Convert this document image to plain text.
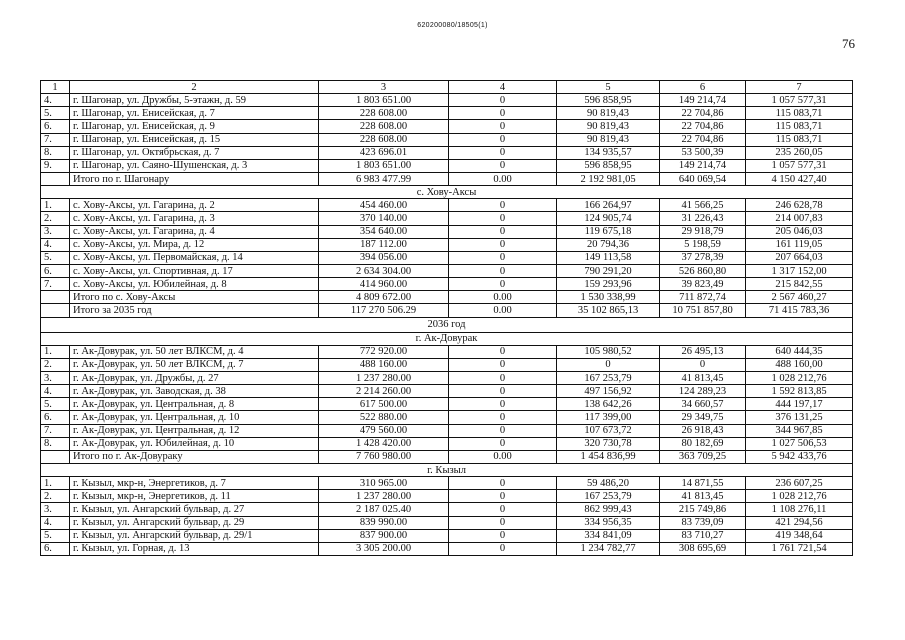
620200080/18505(1)
76
1	2	3	4	5	6	7
4.	г. Шагонар, ул. Дружбы, 5-этажн, д. 59	1 803 651.00	0	596 858,95	149 214,74	1 057 577,31
5.	г. Шагонар, ул. Енисейская, д. 7	228 608.00	0	90 819,43	22 704,86	115 083,71
6.	г. Шагонар, ул. Енисейская, д. 9	228 608.00	0	90 819,43	22 704,86	115 083,71
7.	г. Шагонар, ул. Енисейская, д. 15	228 608.00	0	90 819,43	22 704,86	115 083,71
8.	г. Шагонар, ул. Октябрьская, д. 7	423 696.01	0	134 935,57	53 500,39	235 260,05
9.	г. Шагонар, ул. Саяно-Шушенская, д. 3	1 803 651.00	0	596 858,95	149 214,74	1 057 577,31
	Итого по г. Шагонару	6 983 477.99	0.00	2 192 981,05	640 069,54	4 150 427,40
с. Хову-Аксы						
1.	с. Хову-Аксы, ул. Гагарина, д. 2	454 460.00	0	166 264,97	41 566,25	246 628,78
2.	с. Хову-Аксы, ул. Гагарина, д. 3	370 140.00	0	124 905,74	31 226,43	214 007,83
3.	с. Хову-Аксы, ул. Гагарина, д. 4	354 640.00	0	119 675,18	29 918,79	205 046,03
4.	с. Хову-Аксы, ул. Мира, д. 12	187 112.00	0	20 794,36	5 198,59	161 119,05
5.	с. Хову-Аксы, ул. Первомайская, д. 14	394 056.00	0	149 113,58	37 278,39	207 664,03
6.	с. Хову-Аксы, ул. Спортивная, д. 17	2 634 304.00	0	790 291,20	526 860,80	1 317 152,00
7.	с. Хову-Аксы, ул. Юбилейная, д. 8	414 960.00	0	159 293,96	39 823,49	215 842,55
	Итого по с. Хову-Аксы	4 809 672.00	0.00	1 530 338,99	711 872,74	2 567 460,27
	Итого за 2035 год	117 270 506.29	0.00	35 102 865,13	10 751 857,80	71 415 783,36
2036 год						
г. Ак-Довурак						
1.	г. Ак-Довурак, ул. 50 лет ВЛКСМ, д. 4	772 920.00	0	105 980,52	26 495,13	640 444,35
2.	г. Ак-Довурак, ул. 50 лет ВЛКСМ, д. 7	488 160.00	0	0	0	488 160,00
3.	г. Ак-Довурак, ул. Дружбы, д. 27	1 237 280.00	0	167 253,79	41 813,45	1 028 212,76
4.	г. Ак-Довурак, ул. Заводская, д. 38	2 214 260.00	0	497 156,92	124 289,23	1 592 813,85
5.	г. Ак-Довурак, ул. Центральная, д. 8	617 500.00	0	138 642,26	34 660,57	444 197,17
6.	г. Ак-Довурак, ул. Центральная, д. 10	522 880.00	0	117 399,00	29 349,75	376 131,25
7.	г. Ак-Довурак, ул. Центральная, д. 12	479 560.00	0	107 673,72	26 918,43	344 967,85
8.	г. Ак-Довурак, ул. Юбилейная, д. 10	1 428 420.00	0	320 730,78	80 182,69	1 027 506,53
	Итого по г. Ак-Довураку	7 760 980.00	0.00	1 454 836,99	363 709,25	5 942 433,76
г. Кызыл						
1.	г. Кызыл, мкр-н, Энергетиков, д. 7	310 965.00	0	59 486,20	14 871,55	236 607,25
2.	г. Кызыл, мкр-н, Энергетиков, д. 11	1 237 280.00	0	167 253,79	41 813,45	1 028 212,76
3.	г. Кызыл, ул. Ангарский бульвар, д. 27	2 187 025.40	0	862 999,43	215 749,86	1 108 276,11
4.	г. Кызыл, ул. Ангарский бульвар, д. 29	839 990.00	0	334 956,35	83 739,09	421 294,56
5.	г. Кызыл, ул. Ангарский бульвар, д. 29/1	837 900.00	0	334 841,09	83 710,27	419 348,64
6.	г. Кызыл, ул. Горная, д. 13	3 305 200.00	0	1 234 782,77	308 695,69	1 761 721,54
